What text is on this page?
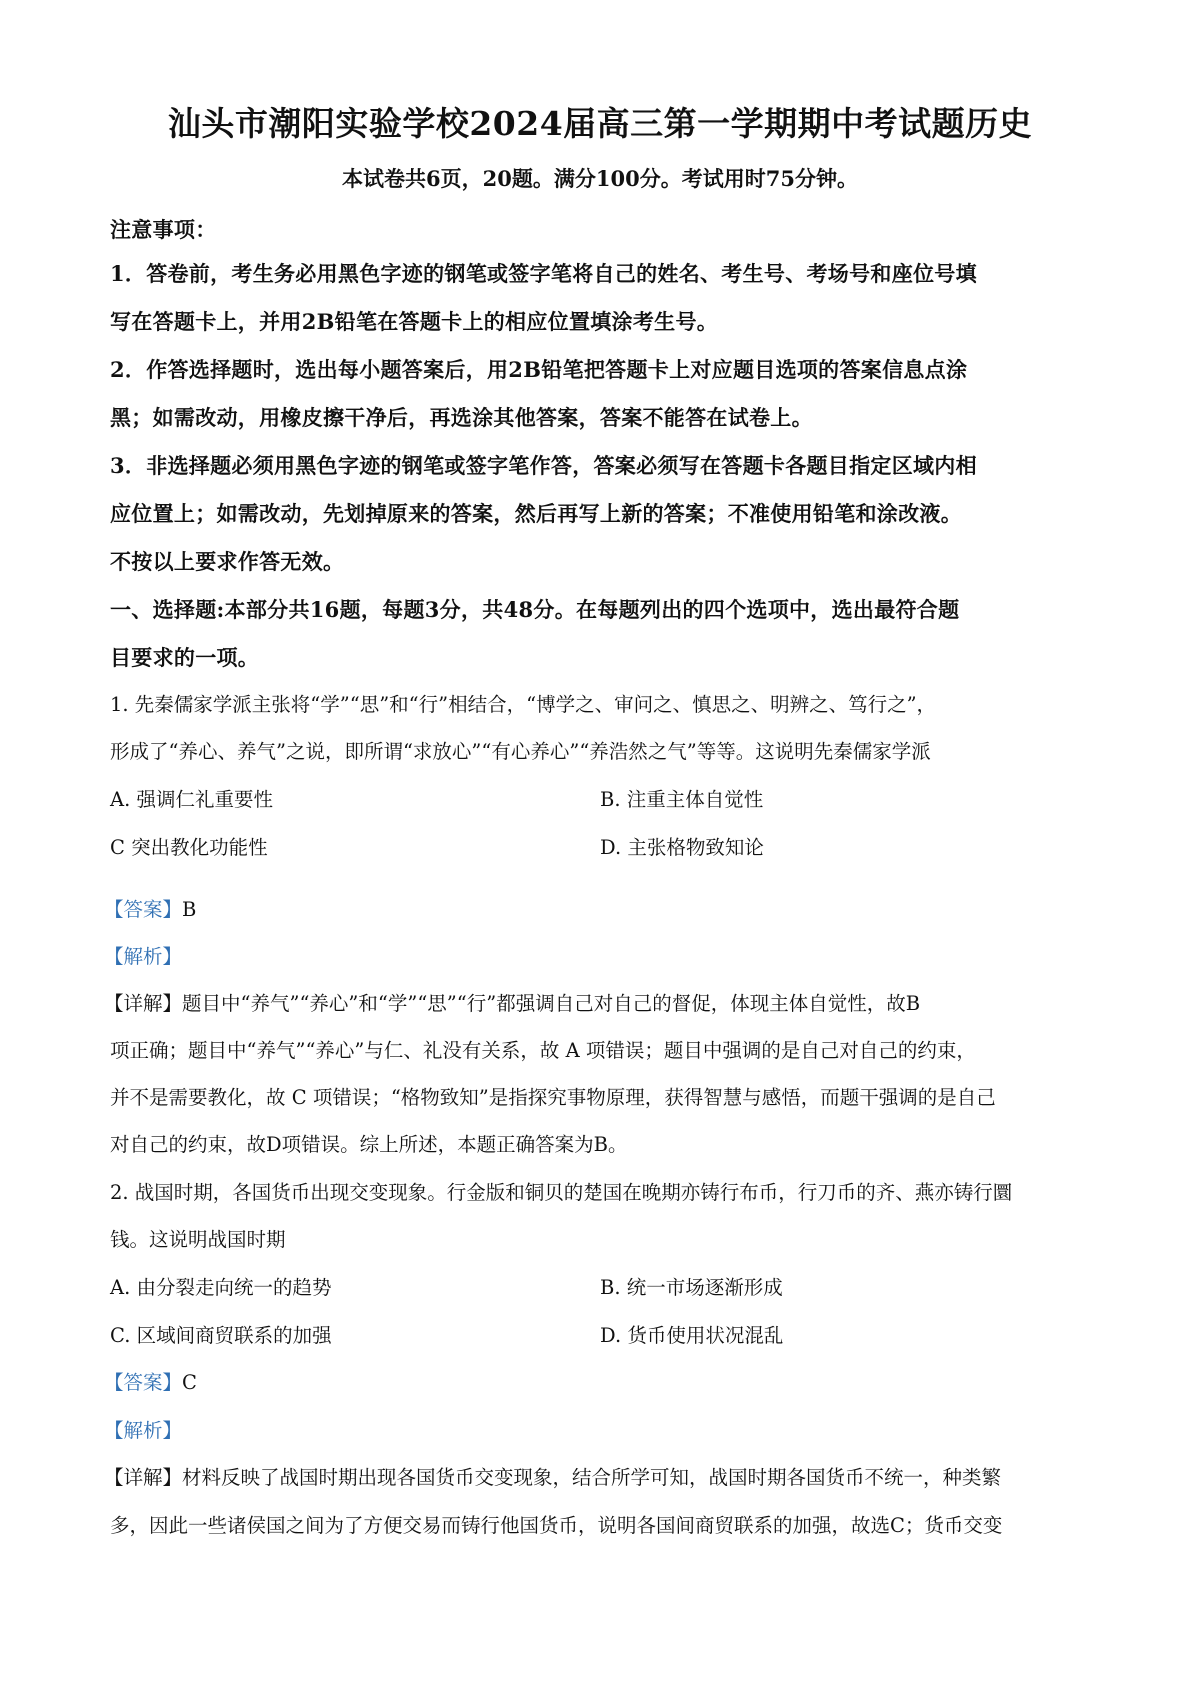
汕头市潮阳实验学校2024届高三第一学期期中考试题历史
本试卷共6页，20题。满分100分。考试用时75分钟。
注意事项：
1．答卷前，考生务必用黑色字迹的钢笔或签字笔将自己的姓名、考生号、考场号和座位号填
写在答题卡上，并用2B铅笔在答题卡上的相应位置填涂考生号。
2．作答选择题时，选出每小题答案后，用2B铅笔把答题卡上对应题目选项的答案信息点涂
黑；如需改动，用橡皮擦干净后，再选涂其他答案，答案不能答在试卷上。
3．非选择题必须用黑色字迹的钢笔或签字笔作答，答案必须写在答题卡各题目指定区域内相
应位置上；如需改动，先划掉原来的答案，然后再写上新的答案；不准使用铅笔和涂改液。
不按以上要求作答无效。
一、选择题:本部分共16题，每题3分，共48分。在每题列出的四个选项中，选出最符合题
目要求的一项。
1. 先秦儒家学派主张将“学”“思”和“行”相结合，“博学之、审问之、慎思之、明辨之、笃行之”，
形成了“养心、养气”之说，即所谓“求放心”“有心养心”“养浩然之气”等等。这说明先秦儒家学派
A. 强调仁礼重要性	B. 注重主体自觉性
C 突出教化功能性	D. 主张格物致知论
【答案】B
【解析】
【详解】题目中“养气”“养心”和“学”“思”“行”都强调自己对自己的督促，体现主体自觉性，故B
项正确；题目中“养气”“养心”与仁、礼没有关系，故 A 项错误；题目中强调的是自己对自己的约束，
并不是需要教化，故 C 项错误；“格物致知”是指探究事物原理，获得智慧与感悟，而题干强调的是自己
对自己的约束，故D项错误。综上所述，本题正确答案为B。
2. 战国时期，各国货币出现交变现象。行金版和铜贝的楚国在晚期亦铸行布币，行刀币的齐、燕亦铸行圜
钱。这说明战国时期
A. 由分裂走向统一的趋势	B. 统一市场逐渐形成
C. 区域间商贸联系的加强	D. 货币使用状况混乱
【答案】C
【解析】
【详解】材料反映了战国时期出现各国货币交变现象，结合所学可知，战国时期各国货币不统一，种类繁
多，因此一些诸侯国之间为了方便交易而铸行他国货币，说明各国间商贸联系的加强，故选C；货币交变
